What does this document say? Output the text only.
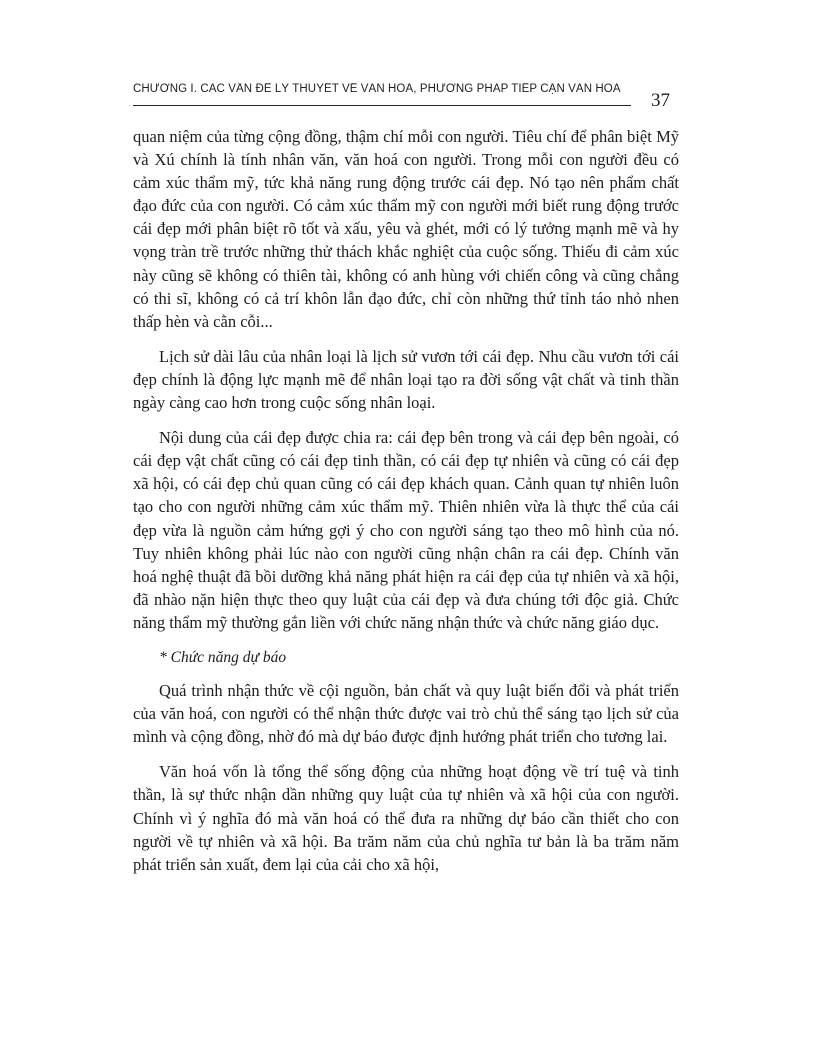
CHƯƠNG I. CÁC VẤN ĐỀ LÝ THUYẾT VỀ VĂN HÓA, PHƯƠNG PHÁP TIẾP CẬN VĂN HOÁ
37

quan niệm của từng cộng đồng, thậm chí mỗi con người. Tiêu chí để phân biệt Mỹ và Xú chính là tính nhân văn, văn hoá con người. Trong mỗi con người đều có cảm xúc thẩm mỹ, tức khả năng rung động trước cái đẹp. Nó tạo nên phẩm chất đạo đức của con người. Có cảm xúc thẩm mỹ con người mới biết rung động trước cái đẹp mới phân biệt rõ tốt và xấu, yêu và ghét, mới có lý tưởng mạnh mẽ và hy vọng tràn trề trước những thử thách khắc nghiệt của cuộc sống. Thiếu đi cảm xúc này cũng sẽ không có thiên tài, không có anh hùng với chiến công và cũng chẳng có thi sĩ, không có cả trí khôn lẫn đạo đức, chỉ còn những thứ tỉnh táo nhỏ nhen thấp hèn và cằn cỗi...

Lịch sử dài lâu của nhân loại là lịch sử vươn tới cái đẹp. Nhu cầu vươn tới cái đẹp chính là động lực mạnh mẽ để nhân loại tạo ra đời sống vật chất và tinh thần ngày càng cao hơn trong cuộc sống nhân loại.

Nội dung của cái đẹp được chia ra: cái đẹp bên trong và cái đẹp bên ngoài, có cái đẹp vật chất cũng có cái đẹp tinh thần, có cái đẹp tự nhiên và cũng có cái đẹp xã hội, có cái đẹp chủ quan cũng có cái đẹp khách quan. Cảnh quan tự nhiên luôn tạo cho con người những cảm xúc thẩm mỹ. Thiên nhiên vừa là thực thể của cái đẹp vừa là nguồn cảm hứng gợi ý cho con người sáng tạo theo mô hình của nó. Tuy nhiên không phải lúc nào con người cũng nhận chân ra cái đẹp. Chính văn hoá nghệ thuật đã bồi dưỡng khả năng phát hiện ra cái đẹp của tự nhiên và xã hội, đã nhào nặn hiện thực theo quy luật của cái đẹp và đưa chúng tới độc giả. Chức năng thẩm mỹ thường gắn liền với chức năng nhận thức và chức năng giáo dục.

* Chức năng dự báo

Quá trình nhận thức về cội nguồn, bản chất và quy luật biến đổi và phát triển của văn hoá, con người có thể nhận thức được vai trò chủ thể sáng tạo lịch sử của mình và cộng đồng, nhờ đó mà dự báo được định hướng phát triển cho tương lai.

Văn hoá vốn là tổng thể sống động của những hoạt động về trí tuệ và tinh thần, là sự thức nhận dần những quy luật của tự nhiên và xã hội của con người. Chính vì ý nghĩa đó mà văn hoá có thể đưa ra những dự báo cần thiết cho con người về tự nhiên và xã hội. Ba trăm năm của chủ nghĩa tư bản là ba trăm năm phát triển sản xuất, đem lại của cải cho xã hội,
